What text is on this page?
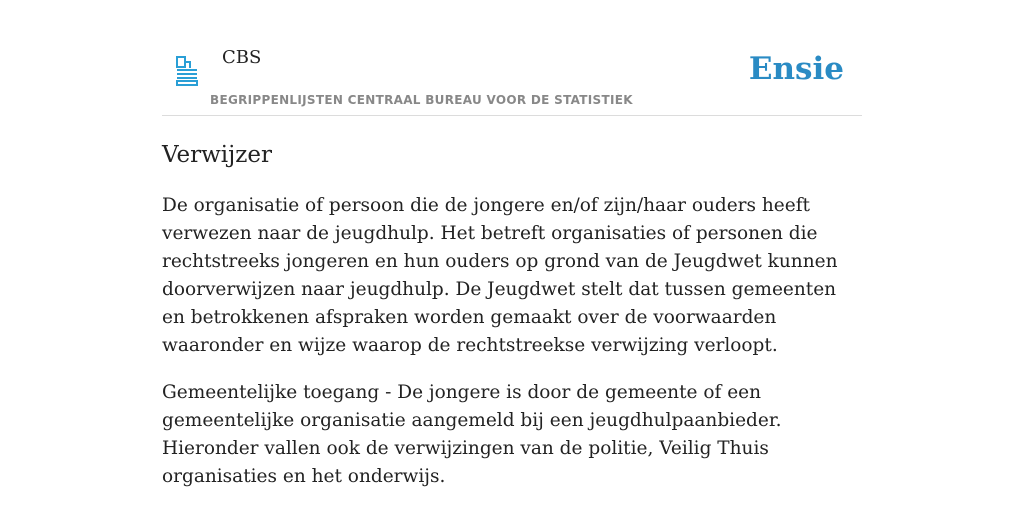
CBS
BEGRIPPENLIJSTEN CENTRAAL BUREAU VOOR DE STATISTIEK
Ensie
Verwijzer

De organisatie of persoon die de jongere en/of zijn/haar ouders heeft verwezen naar de jeugdhulp. Het betreft organisaties of personen die rechtstreeks jongeren en hun ouders op grond van de Jeugdwet kunnen doorverwijzen naar jeugdhulp. De Jeugdwet stelt dat tussen gemeenten en betrokkenen afspraken worden gemaakt over de voorwaarden waaronder en wijze waarop de rechtstreekse verwijzing verloopt.

Gemeentelijke toegang - De jongere is door de gemeente of een gemeentelijke organisatie aangemeld bij een jeugdhulpaanbieder. Hieronder vallen ook de verwijzingen van de politie, Veilig Thuis organisaties en het onderwijs.
